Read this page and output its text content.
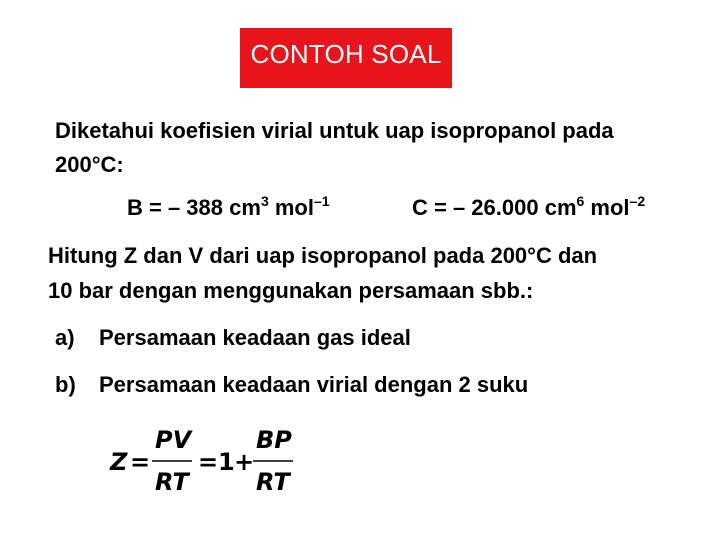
CONTOH SOAL
Diketahui koefisien virial untuk uap isopropanol pada
200°C:
B = – 388 $cm^3$ mol$^{-1}$	C = – 26.000 $cm^6$ mol$^{-2}$
Hitung Z dan V dari uap isopropanol pada 200°C dan
10 bar dengan menggunakan persamaan sbb.:
a) Persamaan keadaan gas ideal
b) Persamaan keadaan virial dengan 2 suku
Z =
PV
RT
= 1 +
BP
RT
